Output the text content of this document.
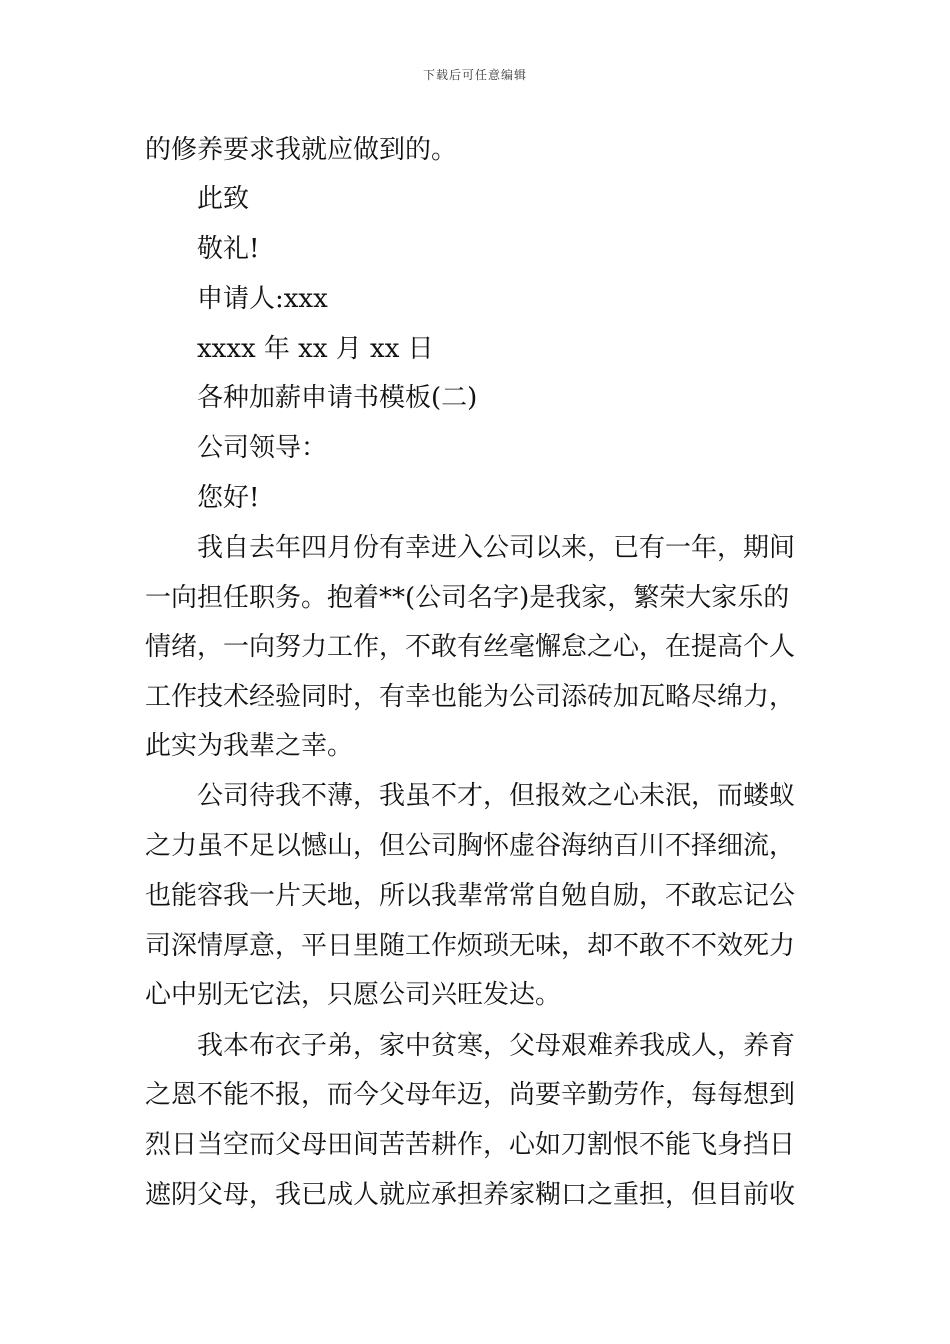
下载后可任意编辑
的修养要求我就应做到的。
此致
敬礼!
申请人:xxx
xxxx 年 xx 月 xx 日
各种加薪申请书模板(二)
公司领导：
您好!
我自去年四月份有幸进入公司以来，已有一年，期间
一向担任职务。抱着**(公司名字)是我家，繁荣大家乐的
情绪，一向努力工作，不敢有丝毫懈怠之心，在提高个人
工作技术经验同时，有幸也能为公司添砖加瓦略尽绵力，
此实为我辈之幸。
公司待我不薄，我虽不才，但报效之心未泯，而蝼蚁
之力虽不足以憾山，但公司胸怀虚谷海纳百川不择细流，
也能容我一片天地，所以我辈常常自勉自励，不敢忘记公
司深情厚意，平日里随工作烦琐无味，却不敢不不效死力
心中别无它法，只愿公司兴旺发达。
我本布衣子弟，家中贫寒，父母艰难养我成人，养育
之恩不能不报，而今父母年迈，尚要辛勤劳作，每每想到
烈日当空而父母田间苦苦耕作，心如刀割恨不能飞身挡日
遮阴父母，我已成人就应承担养家糊口之重担，但目前收
